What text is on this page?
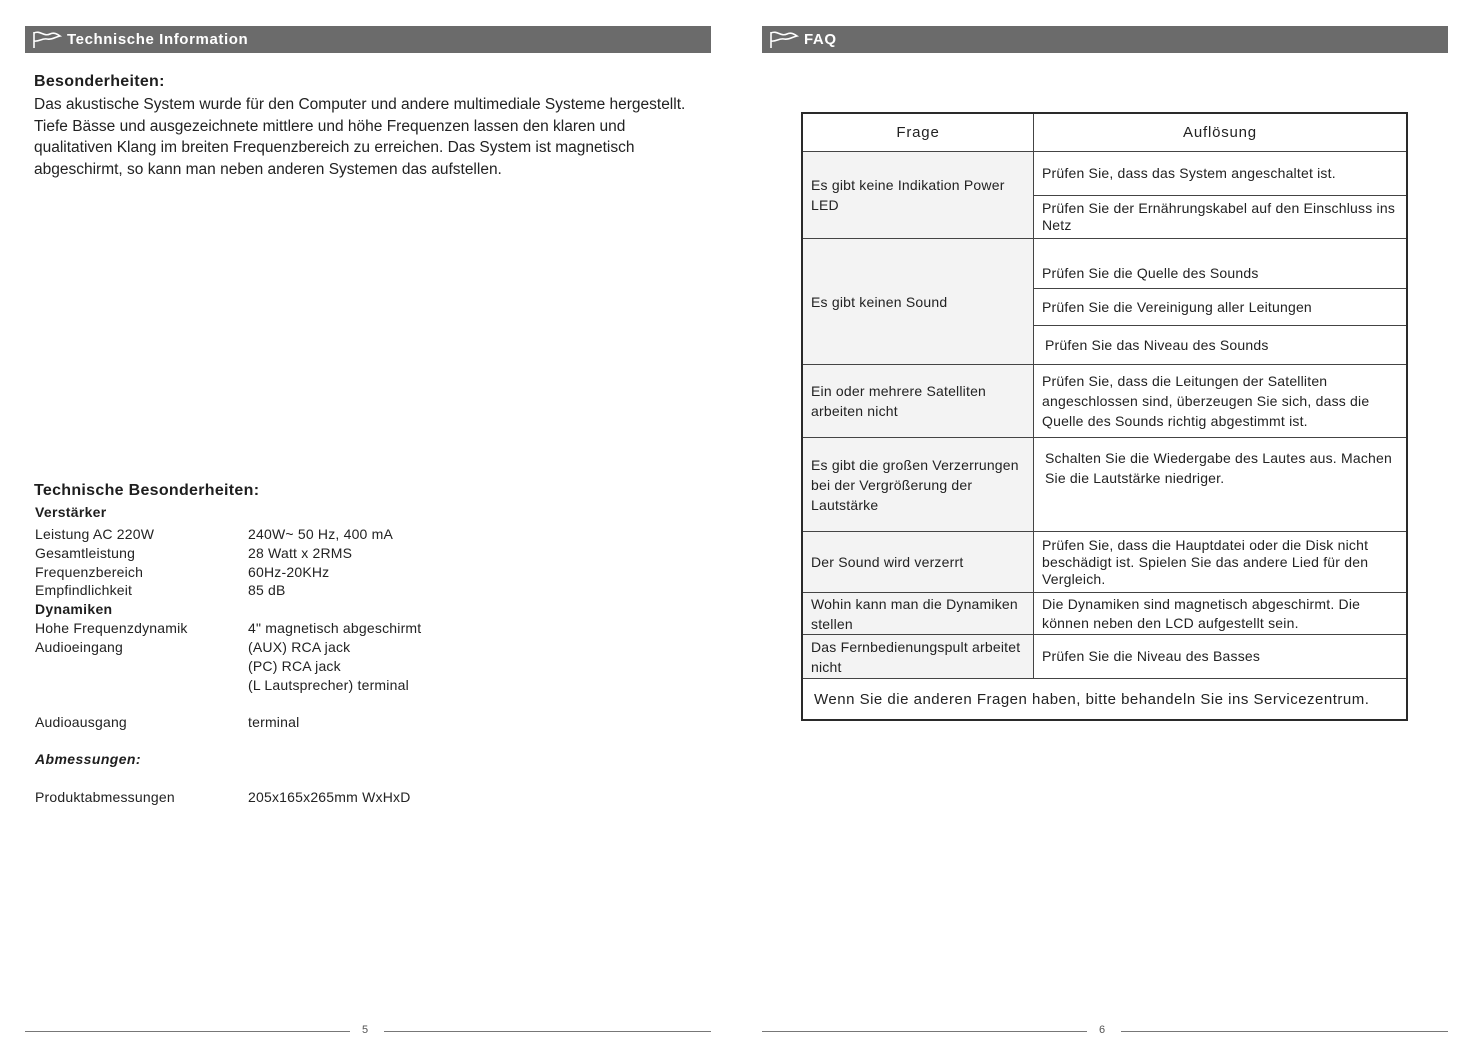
Technische Information
Besonderheiten:
Das akustische System wurde für den Computer und andere multimediale Systeme hergestellt. Tiefe Bässe und ausgezeichnete mittlere und höhe Frequenzen lassen den klaren und qualitativen Klang im breiten Frequenzbereich zu erreichen. Das System ist magnetisch abgeschirmt, so kann man neben anderen Systemen das aufstellen.
Technische Besonderheiten:
Verstärker
Leistung AC 220W	240W~ 50 Hz, 400 mA
Gesamtleistung	28 Watt x 2RMS
Frequenzbereich	60Hz-20KHz
Empfindlichkeit	85 dB
Dynamiken
Hohe Frequenzdynamik	4" magnetisch abgeschirmt
Audioeingang	(AUX) RCA jack
(PC) RCA jack
(L Lautsprecher) terminal
Audioausgang	terminal
Abmessungen:
Produktabmessungen	205x165x265mm WxHxD
5
FAQ
Frage	Auflösung
Es gibt keine Indikation Power LED	Prüfen Sie, dass das System angeschaltet ist.
	Prüfen Sie der Ernährungskabel auf den Einschluss ins Netz
Es gibt keinen Sound	Prüfen Sie die Quelle des Sounds
	Prüfen Sie die Vereinigung aller Leitungen
	Prüfen Sie das Niveau des Sounds
Ein oder mehrere Satelliten arbeiten nicht	Prüfen Sie, dass die Leitungen der Satelliten angeschlossen sind, überzeugen Sie sich, dass die Quelle des Sounds richtig abgestimmt ist.
Es gibt die großen Verzerrungen bei der Vergrößerung der Lautstärke	Schalten Sie die Wiedergabe des Lautes aus. Machen Sie die Lautstärke niedriger.
Der Sound wird verzerrt	Prüfen Sie, dass die Hauptdatei oder die Disk nicht beschädigt ist. Spielen Sie das andere Lied für den Vergleich.
Wohin kann man die Dynamiken stellen	Die Dynamiken sind magnetisch abgeschirmt. Die können neben den LCD aufgestellt sein.
Das Fernbedienungspult arbeitet nicht	Prüfen Sie die Niveau des Basses
Wenn Sie die anderen Fragen haben, bitte behandeln Sie ins Servicezentrum.	
6
